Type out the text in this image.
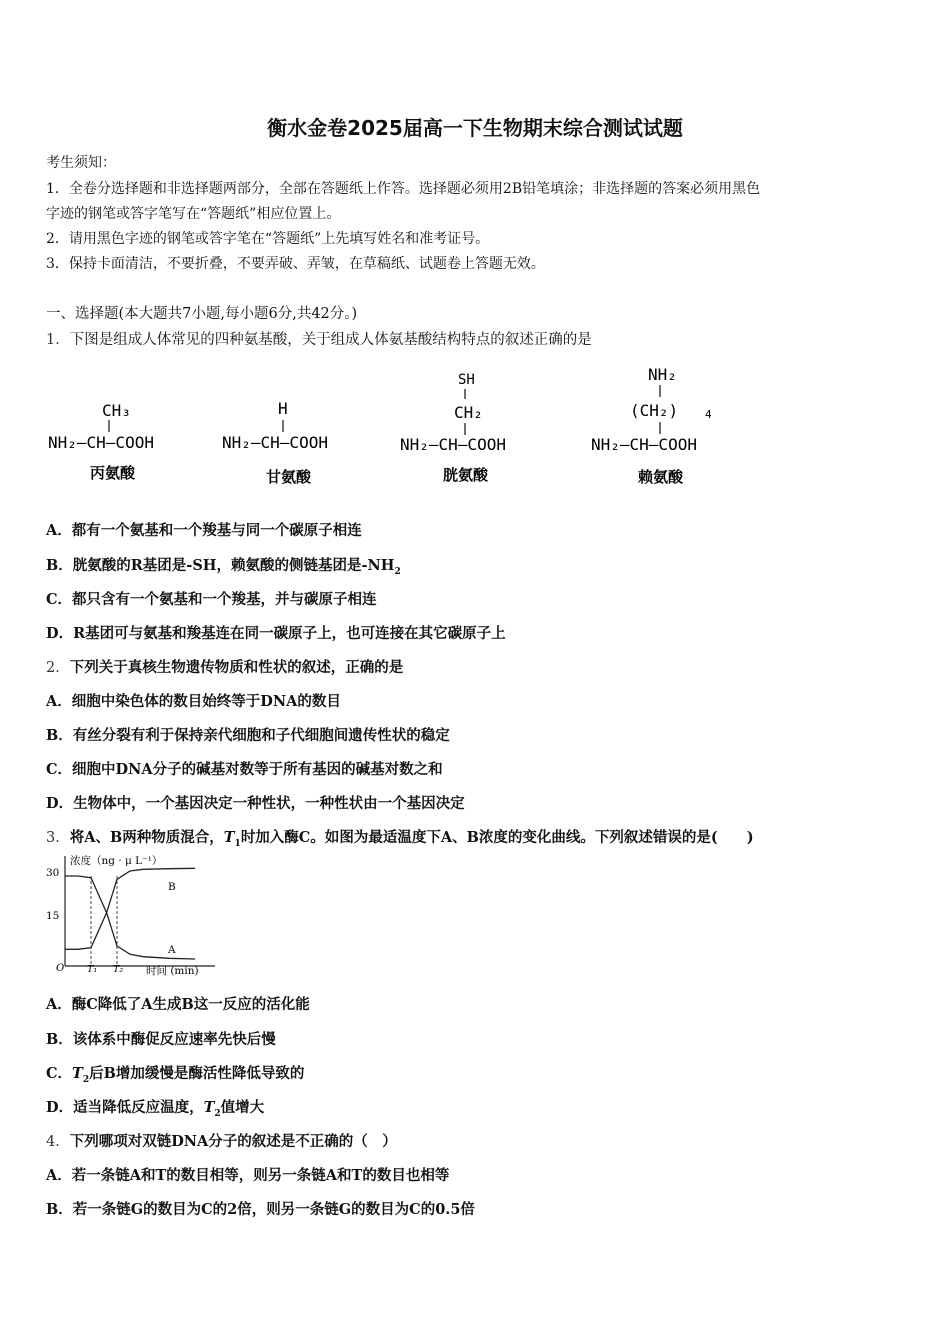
衡水金卷2025届高一下生物期末综合测试试题
考生须知：
1．全卷分选择题和非选择题两部分，全部在答题纸上作答。选择题必须用2B铅笔填涂；非选择题的答案必须用黑色
字迹的钢笔或答字笔写在“答题纸”相应位置上。
2．请用黑色字迹的钢笔或答字笔在“答题纸”上先填写姓名和准考证号。
3．保持卡面清洁，不要折叠，不要弄破、弄皱，在草稿纸、试题卷上答题无效。
一、选择题(本大题共7小题,每小题6分,共42分。)
1．下图是组成人体常见的四种氨基酸，关于组成人体氨基酸结构特点的叙述正确的是
CH₃
NH₂—CH—COOH
丙氨酸
H
NH₂—CH—COOH
甘氨酸
SH
CH₂
NH₂—CH—COOH
胱氨酸
NH₂
(CH₂) 4
NH₂—CH—COOH
赖氨酸
A．都有一个氨基和一个羧基与同一个碳原子相连
B．胱氨酸的R基团是-SH，赖氨酸的侧链基团是$-NH_2$
C．都只含有一个氨基和一个羧基，并与碳原子相连
D．R基团可与氨基和羧基连在同一碳原子上，也可连接在其它碳原子上
2．下列关于真核生物遗传物质和性状的叙述，正确的是
A．细胞中染色体的数目始终等于DNA的数目
B．有丝分裂有利于保持亲代细胞和子代细胞间遗传性状的稳定
C．细胞中DNA分子的碱基对数等于所有基因的碱基对数之和
D．生物体中，一个基因决定一种性状，一种性状由一个基因决定
3．将A、B两种物质混合，$T_1$时加入酶C。如图为最适温度下A、B浓度的变化曲线。下列叙述错误的是(　　)
浓度（ng · μ L⁻¹）
时间 (min)
O
30
15
T₁ T₂
B
A
A．酶C降低了A生成B这一反应的活化能
B．该体系中酶促反应速率先快后慢
C．$T_2$后B增加缓慢是酶活性降低导致的
D．适当降低反应温度，$T_2$值增大
4．下列哪项对双链DNA分子的叙述是不正确的（　）
A．若一条链A和T的数目相等，则另一条链A和T的数目也相等
B．若一条链G的数目为C的2倍，则另一条链G的数目为C的0.5倍
